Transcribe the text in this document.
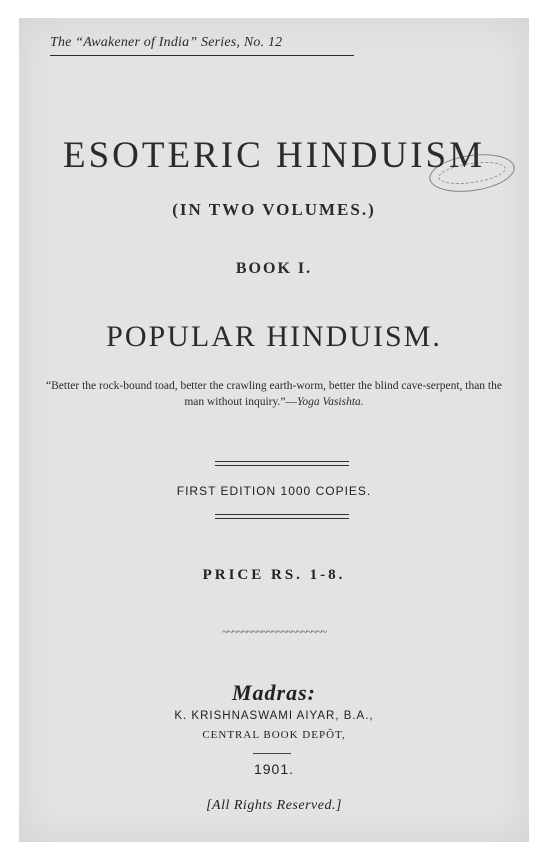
The “Awakener of India” Series, No. 12
ESOTERIC HINDUISM
(IN TWO VOLUMES.)
BOOK I.
POPULAR HINDUISM.
“Better the rock-bound toad, better the crawling earth-worm, better the blind cave-serpent, than the man without inquiry.”—Yoga Vasishta.
FIRST EDITION 1000 COPIES.
PRICE RS. 1-8.
~~~~~~~~~~~~~~~~~~~~~
Madras:
K. KRISHNASWAMI AIYAR, B.A.,
CENTRAL BOOK DEPÔT,
1901.
[All Rights Reserved.]
